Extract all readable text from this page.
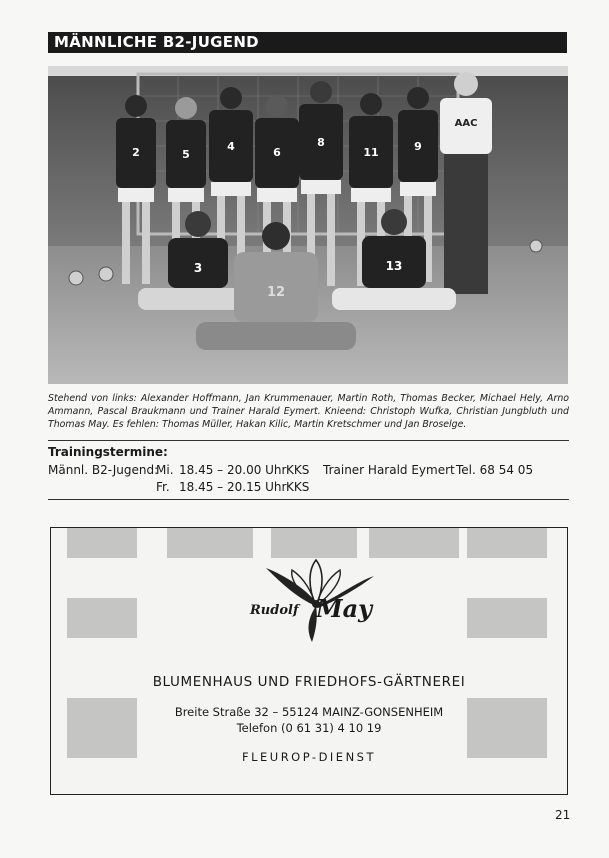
MÄNNLICHE B2-JUGEND
2	5
4	6
8
11	9
AAC
3
12
13
Stehend von links: Alexander Hoffmann, Jan Krummenauer, Martin Roth, Thomas Becker, Michael Hely, Arno Ammann, Pascal Braukmann und Trainer Harald Eymert. Knieend: Christoph Wufka, Christian Jungbluth und Thomas May. Es fehlen: Thomas Müller, Hakan Kilic, Martin Kretschmer und Jan Broselge.
Trainingstermine:
Männl. B2-Jugend:
Mi. 18.45 – 20.00 Uhr KKS Trainer Harald Eymert Tel. 68 54 05
Fr. 18.45 – 20.15 Uhr KKS
Rudolf May
BLUMENHAUS UND FRIEDHOFS-GÄRTNEREI
Breite Straße 32 – 55124 MAINZ-GONSENHEIM
Telefon (0 61 31) 4 10 19
FLEUROP-DIENST
21
